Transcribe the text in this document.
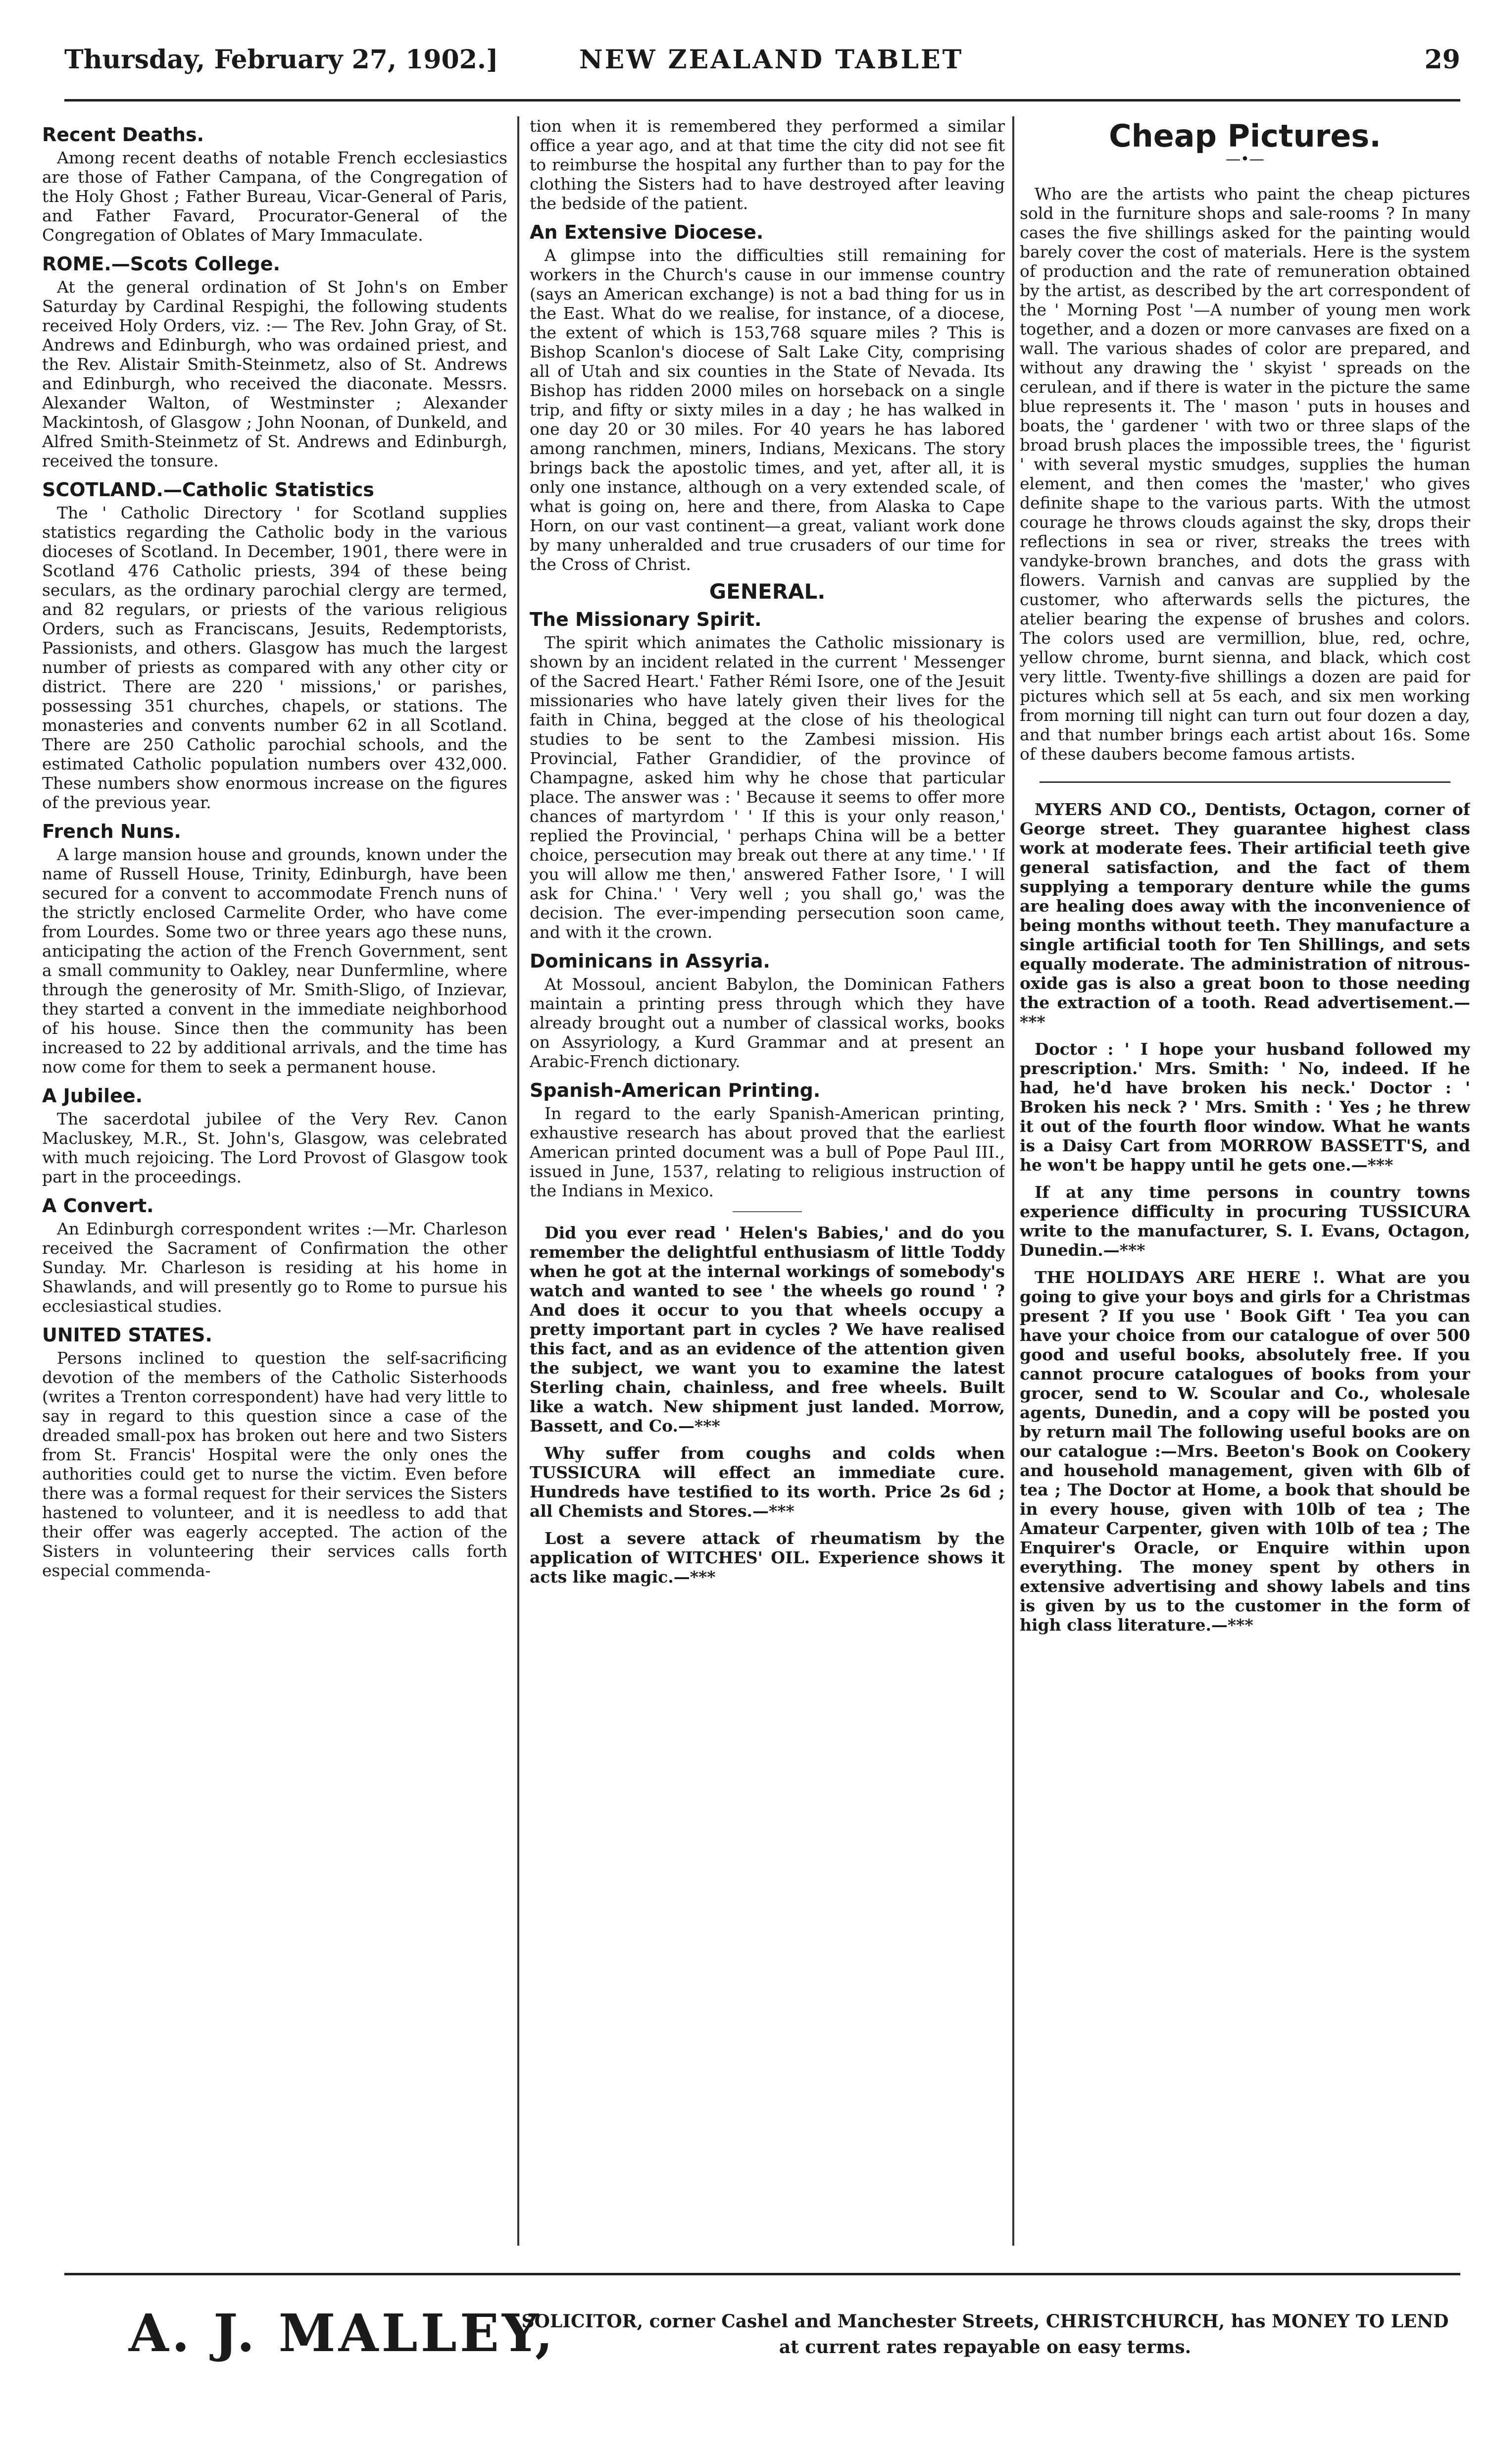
Thursday, February 27, 1902.]	NEW ZEALAND TABLET	29
Recent Deaths.

Among recent deaths of notable French ecclesiastics are those of Father Campana, of the Congregation of the Holy Ghost ; Father Bureau, Vicar-General of Paris, and Father Favard, Procurator-General of the Congregation of Oblates of Mary Immaculate.

ROME.—Scots College.

At the general ordination of St John's on Ember Saturday by Cardinal Respighi, the following students received Holy Orders, viz. :— The Rev. John Gray, of St. Andrews and Edinburgh, who was ordained priest, and the Rev. Alistair Smith-Steinmetz, also of St. Andrews and Edinburgh, who received the diaconate. Messrs. Alexander Walton, of Westminster ; Alexander Mackintosh, of Glasgow ; John Noonan, of Dunkeld, and Alfred Smith-Steinmetz of St. Andrews and Edinburgh, received the tonsure.

SCOTLAND.—Catholic Statistics

The ' Catholic Directory ' for Scotland supplies statistics regarding the Catholic body in the various dioceses of Scotland. In December, 1901, there were in Scotland 476 Catholic priests, 394 of these being seculars, as the ordinary parochial clergy are termed, and 82 regulars, or priests of the various religious Orders, such as Franciscans, Jesuits, Redemptorists, Passionists, and others. Glasgow has much the largest number of priests as compared with any other city or district. There are 220 ' missions,' or parishes, possessing 351 churches, chapels, or stations. The monasteries and convents number 62 in all Scotland. There are 250 Catholic parochial schools, and the estimated Catholic population numbers over 432,000. These numbers show enormous increase on the figures of the previous year.

French Nuns.

A large mansion house and grounds, known under the name of Russell House, Trinity, Edinburgh, have been secured for a convent to accommodate French nuns of the strictly enclosed Carmelite Order, who have come from Lourdes. Some two or three years ago these nuns, anticipating the action of the French Government, sent a small community to Oakley, near Dunfermline, where through the generosity of Mr. Smith-Sligo, of Inzievar, they started a convent in the immediate neighborhood of his house. Since then the community has been increased to 22 by additional arrivals, and the time has now come for them to seek a permanent house.

A Jubilee.

The sacerdotal jubilee of the Very Rev. Canon Macluskey, M.R., St. John's, Glasgow, was celebrated with much rejoicing. The Lord Provost of Glasgow took part in the proceedings.

A Convert.

An Edinburgh correspondent writes :—Mr. Charleson received the Sacrament of Confirmation the other Sunday. Mr. Charleson is residing at his home in Shawlands, and will presently go to Rome to pursue his ecclesiastical studies.

UNITED STATES.

Persons inclined to question the self-sacrificing devotion of the members of the Catholic Sisterhoods (writes a Trenton correspondent) have had very little to say in regard to this question since a case of the dreaded small-pox has broken out here and two Sisters from St. Francis' Hospital were the only ones the authorities could get to nurse the victim. Even before there was a formal request for their services the Sisters hastened to volunteer, and it is needless to add that their offer was eagerly accepted. The action of the Sisters in volunteering their services calls forth especial commenda-

tion when it is remembered they performed a similar office a year ago, and at that time the city did not see fit to reimburse the hospital any further than to pay for the clothing the Sisters had to have destroyed after leaving the bedside of the patient.

An Extensive Diocese.

A glimpse into the difficulties still remaining for workers in the Church's cause in our immense country (says an American exchange) is not a bad thing for us in the East. What do we realise, for instance, of a diocese, the extent of which is 153,768 square miles ? This is Bishop Scanlon's diocese of Salt Lake City, comprising all of Utah and six counties in the State of Nevada. Its Bishop has ridden 2000 miles on horseback on a single trip, and fifty or sixty miles in a day ; he has walked in one day 20 or 30 miles. For 40 years he has labored among ranchmen, miners, Indians, Mexicans. The story brings back the apostolic times, and yet, after all, it is only one instance, although on a very extended scale, of what is going on, here and there, from Alaska to Cape Horn, on our vast continent—a great, valiant work done by many unheralded and true crusaders of our time for the Cross of Christ.

GENERAL.
The Missionary Spirit.

The spirit which animates the Catholic missionary is shown by an incident related in the current ' Messenger of the Sacred Heart.' Father Rémi Isore, one of the Jesuit missionaries who have lately given their lives for the faith in China, begged at the close of his theological studies to be sent to the Zambesi mission. His Provincial, Father Grandidier, of the province of Champagne, asked him why he chose that particular place. The answer was : ' Because it seems to offer more chances of martyrdom ' ' If this is your only reason,' replied the Provincial, ' perhaps China will be a better choice, persecution may break out there at any time.' ' If you will allow me then,' answered Father Isore, ' I will ask for China.' ' Very well ; you shall go,' was the decision. The ever-impending persecution soon came, and with it the crown.

Dominicans in Assyria.

At Mossoul, ancient Babylon, the Dominican Fathers maintain a printing press through which they have already brought out a number of classical works, books on Assyriology, a Kurd Grammar and at present an Arabic-French dictionary.

Spanish-American Printing.

In regard to the early Spanish-American printing, exhaustive research has about proved that the earliest American printed document was a bull of Pope Paul III., issued in June, 1537, relating to religious instruction of the Indians in Mexico.

Did you ever read ' Helen's Babies,' and do you remember the delightful enthusiasm of little Toddy when he got at the internal workings of somebody's watch and wanted to see ' the wheels go round ' ? And does it occur to you that wheels occupy a pretty important part in cycles ? We have realised this fact, and as an evidence of the attention given the subject, we want you to examine the latest Sterling chain, chainless, and free wheels. Built like a watch. New shipment just landed. Morrow, Bassett, and Co.—***

Why suffer from coughs and colds when TUSSICURA will effect an immediate cure. Hundreds have testified to its worth. Price 2s 6d ; all Chemists and Stores.—***

Lost a severe attack of rheumatism by the application of WITCHES' OIL. Experience shows it acts like magic.—***

Cheap Pictures.
—•—

Who are the artists who paint the cheap pictures sold in the furniture shops and sale-rooms ? In many cases the five shillings asked for the painting would barely cover the cost of materials. Here is the system of production and the rate of remuneration obtained by the artist, as described by the art correspondent of the ' Morning Post '—A number of young men work together, and a dozen or more canvases are fixed on a wall. The various shades of color are prepared, and without any drawing the ' skyist ' spreads on the cerulean, and if there is water in the picture the same blue represents it. The ' mason ' puts in houses and boats, the ' gardener ' with two or three slaps of the broad brush places the impossible trees, the ' figurist ' with several mystic smudges, supplies the human element, and then comes the 'master,' who gives definite shape to the various parts. With the utmost courage he throws clouds against the sky, drops their reflections in sea or river, streaks the trees with vandyke-brown branches, and dots the grass with flowers. Varnish and canvas are supplied by the customer, who afterwards sells the pictures, the atelier bearing the expense of brushes and colors. The colors used are vermillion, blue, red, ochre, yellow chrome, burnt sienna, and black, which cost very little. Twenty-five shillings a dozen are paid for pictures which sell at 5s each, and six men working from morning till night can turn out four dozen a day, and that number brings each artist about 16s. Some of these daubers become famous artists.

MYERS AND CO., Dentists, Octagon, corner of George street. They guarantee highest class work at moderate fees. Their artificial teeth give general satisfaction, and the fact of them supplying a temporary denture while the gums are healing does away with the inconvenience of being months without teeth. They manufacture a single artificial tooth for Ten Shillings, and sets equally moderate. The administration of nitrous-oxide gas is also a great boon to those needing the extraction of a tooth. Read advertisement.—***

Doctor : ' I hope your husband followed my prescription.' Mrs. Smith: ' No, indeed. If he had, he'd have broken his neck.' Doctor : ' Broken his neck ? ' Mrs. Smith : ' Yes ; he threw it out of the fourth floor window. What he wants is a Daisy Cart from MORROW BASSETT'S, and he won't be happy until he gets one.—***

If at any time persons in country towns experience difficulty in procuring TUSSICURA write to the manufacturer, S. I. Evans, Octagon, Dunedin.—***

THE HOLIDAYS ARE HERE !. What are you going to give your boys and girls for a Christmas present ? If you use ' Book Gift ' Tea you can have your choice from our catalogue of over 500 good and useful books, absolutely free. If you cannot procure catalogues of books from your grocer, send to W. Scoular and Co., wholesale agents, Dunedin, and a copy will be posted you by return mail The following useful books are on our catalogue :—Mrs. Beeton's Book on Cookery and household management, given with 6lb of tea ; The Doctor at Home, a book that should be in every house, given with 10lb of tea ; The Amateur Carpenter, given with 10lb of tea ; The Enquirer's Oracle, or Enquire within upon everything. The money spent by others in extensive advertising and showy labels and tins is given by us to the customer in the form of high class literature.—***

A. J. MALLEY,
SOLICITOR, corner Cashel and Manchester Streets, CHRISTCHURCH, has MONEY TO LEND at current rates repayable on easy terms.
